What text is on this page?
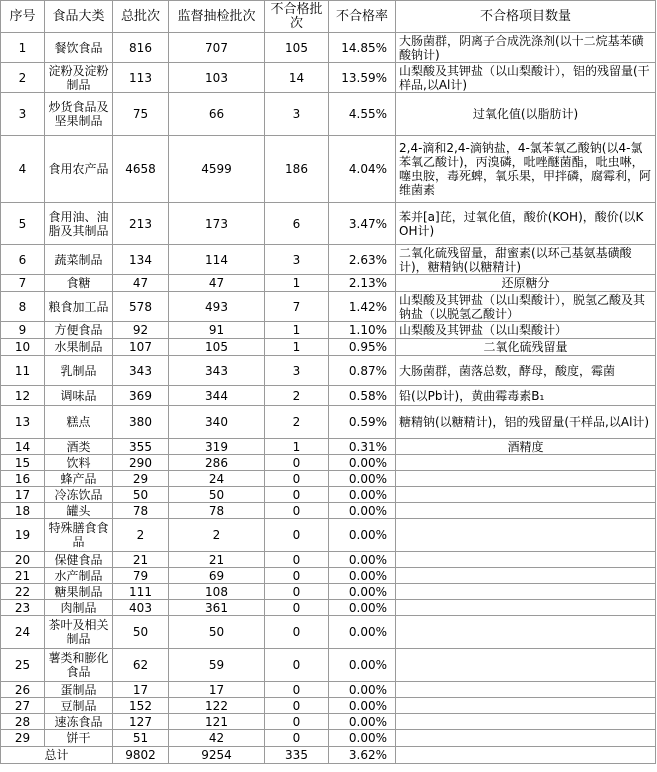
序号	食品大类	总批次	监督抽检批次	不合格批次	不合格率	不合格项目数量
1	餐饮食品	816	707	105	14.85%	大肠菌群，阴离子合成洗涤剂(以十二烷基苯磺酸钠计)
2	淀粉及淀粉制品	113	103	14	13.59%	山梨酸及其钾盐（以山梨酸计），铝的残留量(干样品,以Al计)
3	炒货食品及坚果制品	75	66	3	4.55%	过氧化值(以脂肪计)
4	食用农产品	4658	4599	186	4.04%	2,4-滴和2,4-滴钠盐，4-氯苯氧乙酸钠(以4-氯苯氧乙酸计)，丙溴磷，吡唑醚菌酯，吡虫啉，噻虫胺，毒死蜱，氧乐果，甲拌磷，腐霉利，阿维菌素
5	食用油、油脂及其制品	213	173	6	3.47%	苯并[a]芘，过氧化值，酸价(KOH)，酸价(以KOH计)
6	蔬菜制品	134	114	3	2.63%	二氧化硫残留量，甜蜜素(以环己基氨基磺酸计)，糖精钠(以糖精计)
7	食糖	47	47	1	2.13%	还原糖分
8	粮食加工品	578	493	7	1.42%	山梨酸及其钾盐（以山梨酸计），脱氢乙酸及其钠盐（以脱氢乙酸计）
9	方便食品	92	91	1	1.10%	山梨酸及其钾盐（以山梨酸计）
10	水果制品	107	105	1	0.95%	二氧化硫残留量
11	乳制品	343	343	3	0.87%	大肠菌群，菌落总数，酵母，酸度，霉菌
12	调味品	369	344	2	0.58%	铅(以Pb计)，黄曲霉毒素B₁
13	糕点	380	340	2	0.59%	糖精钠(以糖精计)，铝的残留量(干样品,以Al计)
14	酒类	355	319	1	0.31%	酒精度
15	饮料	290	286	0	0.00%	
16	蜂产品	29	24	0	0.00%	
17	冷冻饮品	50	50	0	0.00%	
18	罐头	78	78	0	0.00%	
19	特殊膳食食品	2	2	0	0.00%	
20	保健食品	21	21	0	0.00%	
21	水产制品	79	69	0	0.00%	
22	糖果制品	111	108	0	0.00%	
23	肉制品	403	361	0	0.00%	
24	茶叶及相关制品	50	50	0	0.00%	
25	薯类和膨化食品	62	59	0	0.00%	
26	蛋制品	17	17	0	0.00%	
27	豆制品	152	122	0	0.00%	
28	速冻食品	127	121	0	0.00%	
29	饼干	51	42	0	0.00%	
总计		9802	9254	335	3.62%	
